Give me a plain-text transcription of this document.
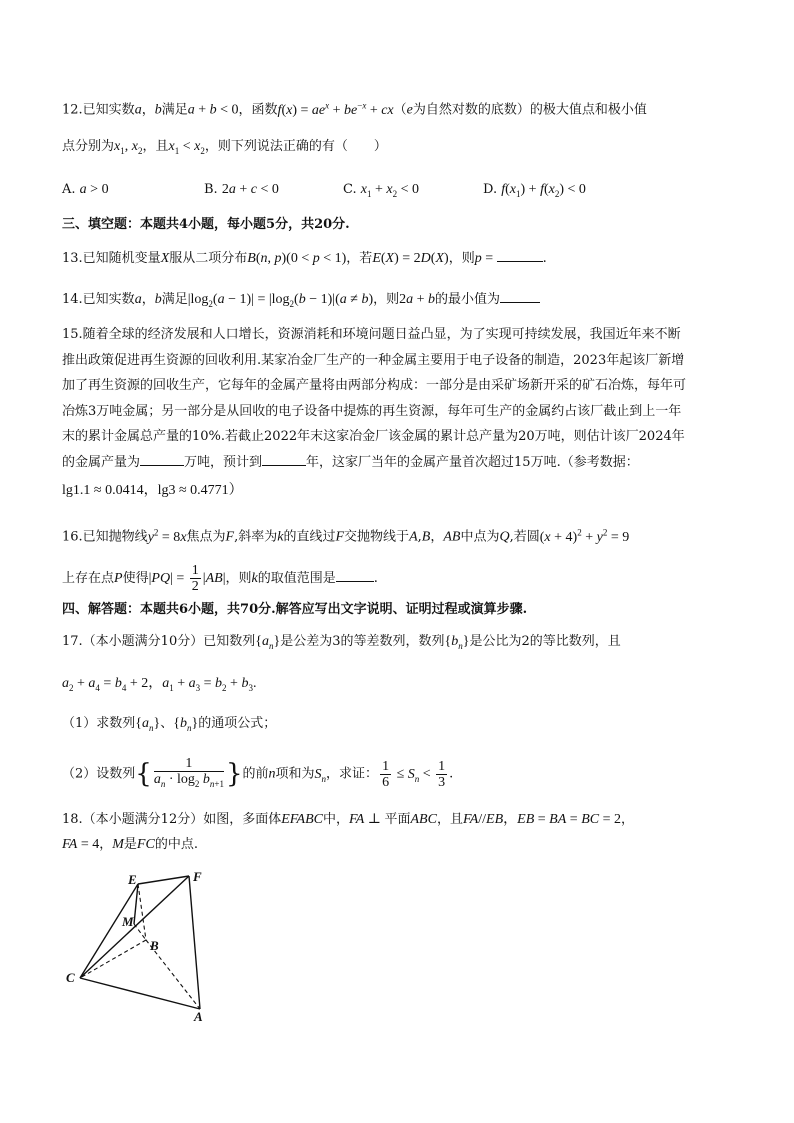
12.已知实数a，b满足a + b < 0，函数$f(x) = ae^x + be^{-x} + cx(e$为自然对数的底数）的极大值点和极小值
点分别为$x_1$, $x_2$，且$x_1 < x_2$，则下列说法正确的有（　　）
A. a > 0	B. 2a + c < 0	C. $x_1 + x_2 < 0$	D. $f(x_1) + f(x_2) < 0$
三、填空题：本题共4小题，每小题5分，共20分.
13.已知随机变量X服从二项分布B(n, p)(0 < p < 1)，若E(X) = 2D(X)，则p =	.
14.已知实数a，b满足$|\log_2(a - 1)| = |\log_2(b - 1)|(a \ne b)$，则2a + b的最小值为
15.随着全球的经济发展和人口增长，资源消耗和环境问题日益凸显，为了实现可持续发展，我国近年来不断
推出政策促进再生资源的回收利用.某家冶金厂生产的一种金属主要用于电子设备的制造，2023年起该厂新增
加了再生资源的回收生产，它每年的金属产量将由两部分构成：一部分是由采矿场新开采的矿石冶炼，每年可
冶炼3万吨金属；另一部分是从回收的电子设备中提炼的再生资源，每年可生产的金属约占该厂截止到上一年
末的累计金属总产量的10%.若截止2022年末这家冶金厂该金属的累计总产量为20万吨，则估计该厂2024年
的金属产量为	万吨，预计到	年，这家厂当年的金属产量首次超过15万吨.（参考数据：
lg1.1 ≈ 0.0414，lg3 ≈ 0.4771）
16.已知抛物线$y^2 = 8x$焦点为F,斜率为k的直线过F交抛物线于A,B，AB中点为Q,若圆$(x + 4)^2 + y^2 = 9$
上存在点P使得$|PQ| = \frac{1}{2} |AB|$，则k的取值范围是	.
四、解答题：本题共6小题，共70分.解答应写出文字说明、证明过程或演算步骤.
17.（本小题满分10分）已知数列$\{a_n\}$是公差为3的等差数列，数列$\{b_n\}$是公比为2的等比数列，且
$a_2 + a_4 = b_4 + 2$，$a_1 + a_3 = b_2 + b_3$.
（1）求数列$\{a_n\}$、$\{b_n\}$的通项公式；
（2）设数列{ $\frac{1}{a_n \cdot \log_2 b_{n+1}}$ }的前n项和为$S_n$，求证： $\frac{1}{6} \le S_n < \frac{1}{3}$ .
18.（本小题满分12分）如图，多面体EFABC中，FA ⊥ 平面ABC，且FA//EB，EB = BA = BC = 2，
FA = 4，M是FC的中点.
E	F
M
B
C
A
